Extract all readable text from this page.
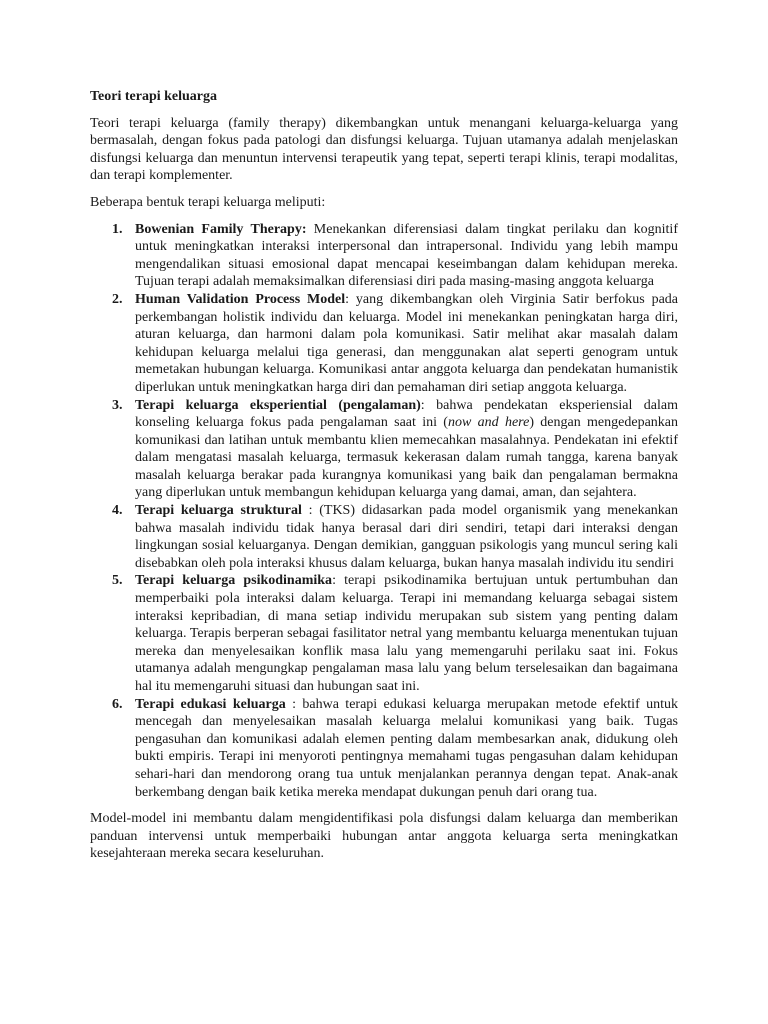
Teori terapi keluarga

Teori terapi keluarga (family therapy) dikembangkan untuk menangani keluarga-keluarga yang bermasalah, dengan fokus pada patologi dan disfungsi keluarga. Tujuan utamanya adalah menjelaskan disfungsi keluarga dan menuntun intervensi terapeutik yang tepat, seperti terapi klinis, terapi modalitas, dan terapi komplementer.

Beberapa bentuk terapi keluarga meliputi:

1. Bowenian Family Therapy: Menekankan diferensiasi dalam tingkat perilaku dan kognitif untuk meningkatkan interaksi interpersonal dan intrapersonal. Individu yang lebih mampu mengendalikan situasi emosional dapat mencapai keseimbangan dalam kehidupan mereka. Tujuan terapi adalah memaksimalkan diferensiasi diri pada masing-masing anggota keluarga
2. Human Validation Process Model: yang dikembangkan oleh Virginia Satir berfokus pada perkembangan holistik individu dan keluarga. Model ini menekankan peningkatan harga diri, aturan keluarga, dan harmoni dalam pola komunikasi. Satir melihat akar masalah dalam kehidupan keluarga melalui tiga generasi, dan menggunakan alat seperti genogram untuk memetakan hubungan keluarga. Komunikasi antar anggota keluarga dan pendekatan humanistik diperlukan untuk meningkatkan harga diri dan pemahaman diri setiap anggota keluarga.
3. Terapi keluarga eksperiential (pengalaman): bahwa pendekatan eksperiensial dalam konseling keluarga fokus pada pengalaman saat ini (now and here) dengan mengedepankan komunikasi dan latihan untuk membantu klien memecahkan masalahnya. Pendekatan ini efektif dalam mengatasi masalah keluarga, termasuk kekerasan dalam rumah tangga, karena banyak masalah keluarga berakar pada kurangnya komunikasi yang baik dan pengalaman bermakna yang diperlukan untuk membangun kehidupan keluarga yang damai, aman, dan sejahtera.
4. Terapi keluarga struktural : (TKS) didasarkan pada model organismik yang menekankan bahwa masalah individu tidak hanya berasal dari diri sendiri, tetapi dari interaksi dengan lingkungan sosial keluarganya. Dengan demikian, gangguan psikologis yang muncul sering kali disebabkan oleh pola interaksi khusus dalam keluarga, bukan hanya masalah individu itu sendiri
5. Terapi keluarga psikodinamika: terapi psikodinamika bertujuan untuk pertumbuhan dan memperbaiki pola interaksi dalam keluarga. Terapi ini memandang keluarga sebagai sistem interaksi kepribadian, di mana setiap individu merupakan sub sistem yang penting dalam keluarga. Terapis berperan sebagai fasilitator netral yang membantu keluarga menentukan tujuan mereka dan menyelesaikan konflik masa lalu yang memengaruhi perilaku saat ini. Fokus utamanya adalah mengungkap pengalaman masa lalu yang belum terselesaikan dan bagaimana hal itu memengaruhi situasi dan hubungan saat ini.
6. Terapi edukasi keluarga : bahwa terapi edukasi keluarga merupakan metode efektif untuk mencegah dan menyelesaikan masalah keluarga melalui komunikasi yang baik. Tugas pengasuhan dan komunikasi adalah elemen penting dalam membesarkan anak, didukung oleh bukti empiris. Terapi ini menyoroti pentingnya memahami tugas pengasuhan dalam kehidupan sehari-hari dan mendorong orang tua untuk menjalankan perannya dengan tepat. Anak-anak berkembang dengan baik ketika mereka mendapat dukungan penuh dari orang tua.

Model-model ini membantu dalam mengidentifikasi pola disfungsi dalam keluarga dan memberikan panduan intervensi untuk memperbaiki hubungan antar anggota keluarga serta meningkatkan kesejahteraan mereka secara keseluruhan.
